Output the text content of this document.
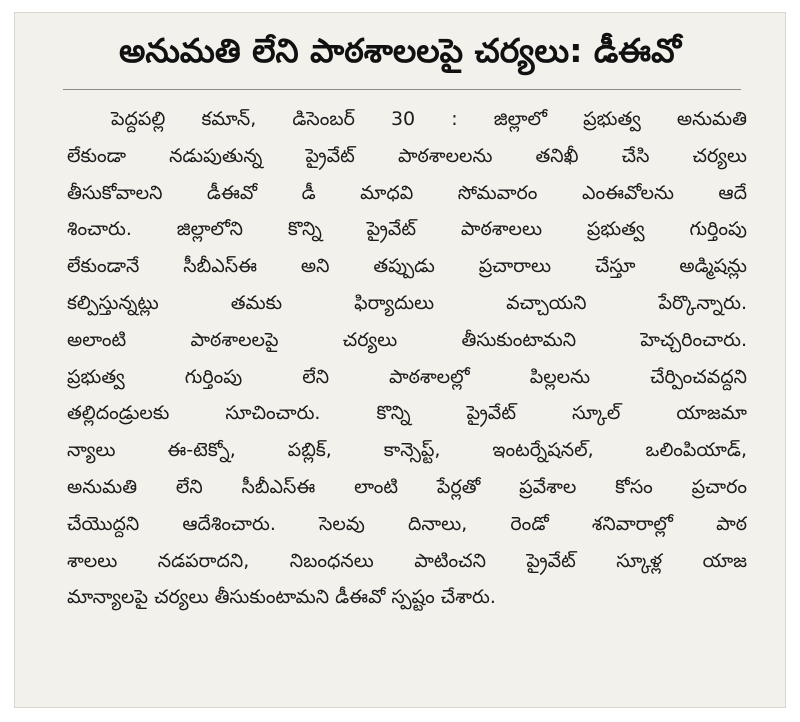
అనుమతి లేని పాఠశాలలపై చర్యలు: డీఈవో
పెద్దపల్లి కమాన్, డిసెంబర్ 30 : జిల్లాలో ప్రభుత్వ అనుమతి
లేకుండా నడుపుతున్న ప్రైవేట్ పాఠశాలలను తనిఖీ చేసి చర్యలు
తీసుకోవాలని డీఈవో డీ మాధవి సోమవారం ఎంఈవోలను ఆదే
శించారు. జిల్లాలోని కొన్ని ప్రైవేట్ పాఠశాలలు ప్రభుత్వ గుర్తింపు
లేకుండానే సీబీఎస్ఈ అని తప్పుడు ప్రచారాలు చేస్తూ అడ్మిషన్లు
కల్పిస్తున్నట్లు తమకు ఫిర్యాదులు వచ్చాయని పేర్కొన్నారు.
అలాంటి పాఠశాలలపై చర్యలు తీసుకుంటామని హెచ్చరించారు.
ప్రభుత్వ గుర్తింపు లేని పాఠశాలల్లో పిల్లలను చేర్పించవద్దని
తల్లిదండ్రులకు సూచించారు. కొన్ని ప్రైవేట్ స్కూల్ యాజమా
న్యాలు ఈ-టెక్నో, పబ్లిక్, కాన్సెప్ట్, ఇంటర్నేషనల్, ఒలింపియాడ్,
అనుమతి లేని సీబీఎస్ఈ లాంటి పేర్లతో ప్రవేశాల కోసం ప్రచారం
చేయొద్దని ఆదేశించారు. సెలవు దినాలు, రెండో శనివారాల్లో పాఠ
శాలలు నడపరాదని, నిబంధనలు పాటించని ప్రైవేట్ స్కూళ్ల యాజ
మాన్యాలపై చర్యలు తీసుకుంటామని డీఈవో స్పష్టం చేశారు.
